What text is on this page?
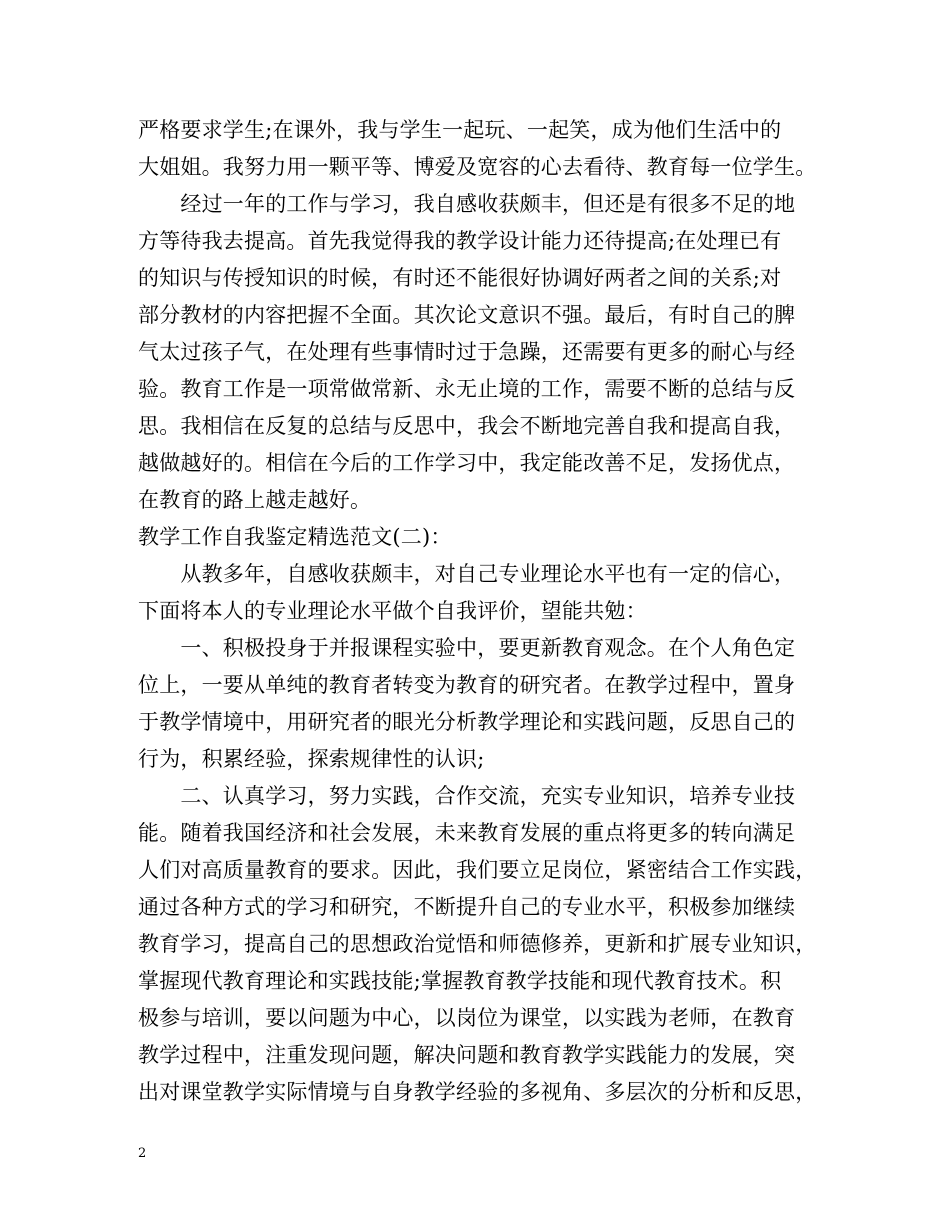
严格要求学生;在课外，我与学生一起玩、一起笑，成为他们生活中的
大姐姐。我努力用一颗平等、博爱及宽容的心去看待、教育每一位学生。
　　经过一年的工作与学习，我自感收获颇丰，但还是有很多不足的地
方等待我去提高。首先我觉得我的教学设计能力还待提高;在处理已有
的知识与传授知识的时候，有时还不能很好协调好两者之间的关系;对
部分教材的内容把握不全面。其次论文意识不强。最后，有时自己的脾
气太过孩子气，在处理有些事情时过于急躁，还需要有更多的耐心与经
验。教育工作是一项常做常新、永无止境的工作，需要不断的总结与反
思。我相信在反复的总结与反思中，我会不断地完善自我和提高自我，
越做越好的。相信在今后的工作学习中，我定能改善不足，发扬优点，
在教育的路上越走越好。
教学工作自我鉴定精选范文(二)：
　　从教多年，自感收获颇丰，对自己专业理论水平也有一定的信心，
下面将本人的专业理论水平做个自我评价，望能共勉：
　　一、积极投身于并报课程实验中，要更新教育观念。在个人角色定
位上，一要从单纯的教育者转变为教育的研究者。在教学过程中，置身
于教学情境中，用研究者的眼光分析教学理论和实践问题，反思自己的
行为，积累经验，探索规律性的认识;
　　二、认真学习，努力实践，合作交流，充实专业知识，培养专业技
能。随着我国经济和社会发展，未来教育发展的重点将更多的转向满足
人们对高质量教育的要求。因此，我们要立足岗位，紧密结合工作实践，
通过各种方式的学习和研究，不断提升自己的专业水平，积极参加继续
教育学习，提高自己的思想政治觉悟和师德修养，更新和扩展专业知识，
掌握现代教育理论和实践技能;掌握教育教学技能和现代教育技术。积
极参与培训，要以问题为中心，以岗位为课堂，以实践为老师，在教育
教学过程中，注重发现问题，解决问题和教育教学实践能力的发展，突
出对课堂教学实际情境与自身教学经验的多视角、多层次的分析和反思，
2
